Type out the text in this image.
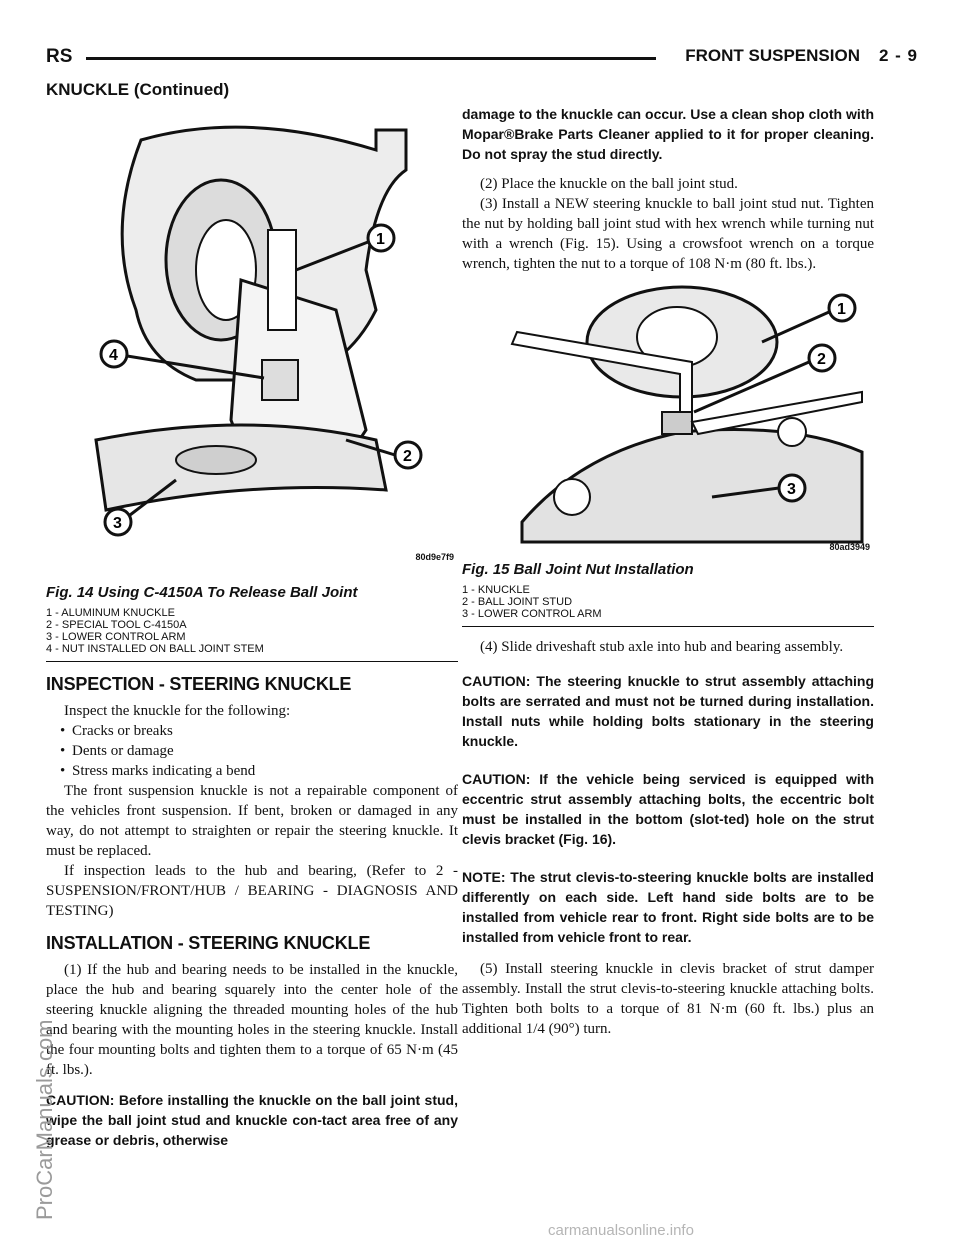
RS	FRONT SUSPENSION 2 - 9
KNUCKLE (Continued)
1
2
3
4
80d9e7f9
Fig. 14 Using C-4150A To Release Ball Joint
1 - ALUMINUM KNUCKLE
2 - SPECIAL TOOL C-4150A
3 - LOWER CONTROL ARM
4 - NUT INSTALLED ON BALL JOINT STEM
INSPECTION - STEERING KNUCKLE

Inspect the knuckle for the following:

• Cracks or breaks
• Dents or damage
• Stress marks indicating a bend

The front suspension knuckle is not a repairable component of the vehicles front suspension. If bent, broken or damaged in any way, do not attempt to straighten or repair the steering knuckle. It must be replaced.

If inspection leads to the hub and bearing, (Refer to 2 - SUSPENSION/FRONT/HUB / BEARING - DIAGNOSIS AND TESTING)

INSTALLATION - STEERING KNUCKLE

(1) If the hub and bearing needs to be installed in the knuckle, place the hub and bearing squarely into the center hole of the steering knuckle aligning the threaded mounting holes of the hub and bearing with the mounting holes in the steering knuckle. Install the four mounting bolts and tighten them to a torque of 65 N·m (45 ft. lbs.).

CAUTION: Before installing the knuckle on the ball joint stud, wipe the ball joint stud and knuckle con-tact area free of any grease or debris, otherwise
damage to the knuckle can occur. Use a clean shop cloth with Mopar®Brake Parts Cleaner applied to it for proper cleaning. Do not spray the stud directly.

(2) Place the knuckle on the ball joint stud.

(3) Install a NEW steering knuckle to ball joint stud nut. Tighten the nut by holding ball joint stud with hex wrench while turning nut with a wrench (Fig. 15). Using a crowsfoot wrench on a torque wrench, tighten the nut to a torque of 108 N·m (80 ft. lbs.).

1
2
3
80ad3949
Fig. 15 Ball Joint Nut Installation
1 - KNUCKLE
2 - BALL JOINT STUD
3 - LOWER CONTROL ARM

(4) Slide driveshaft stub axle into hub and bearing assembly.

CAUTION: The steering knuckle to strut assembly attaching bolts are serrated and must not be turned during installation. Install nuts while holding bolts stationary in the steering knuckle.
CAUTION: If the vehicle being serviced is equipped with eccentric strut assembly attaching bolts, the eccentric bolt must be installed in the bottom (slot-ted) hole on the strut clevis bracket (Fig. 16).
NOTE: The strut clevis-to-steering knuckle bolts are installed differently on each side. Left hand side bolts are to be installed from vehicle rear to front. Right side bolts are to be installed from vehicle front to rear.

(5) Install steering knuckle in clevis bracket of strut damper assembly. Install the strut clevis-to-steering knuckle attaching bolts. Tighten both bolts to a torque of 81 N·m (60 ft. lbs.) plus an additional 1/4 (90°) turn.

ProCarManuals.com
carmanualsonline.info
